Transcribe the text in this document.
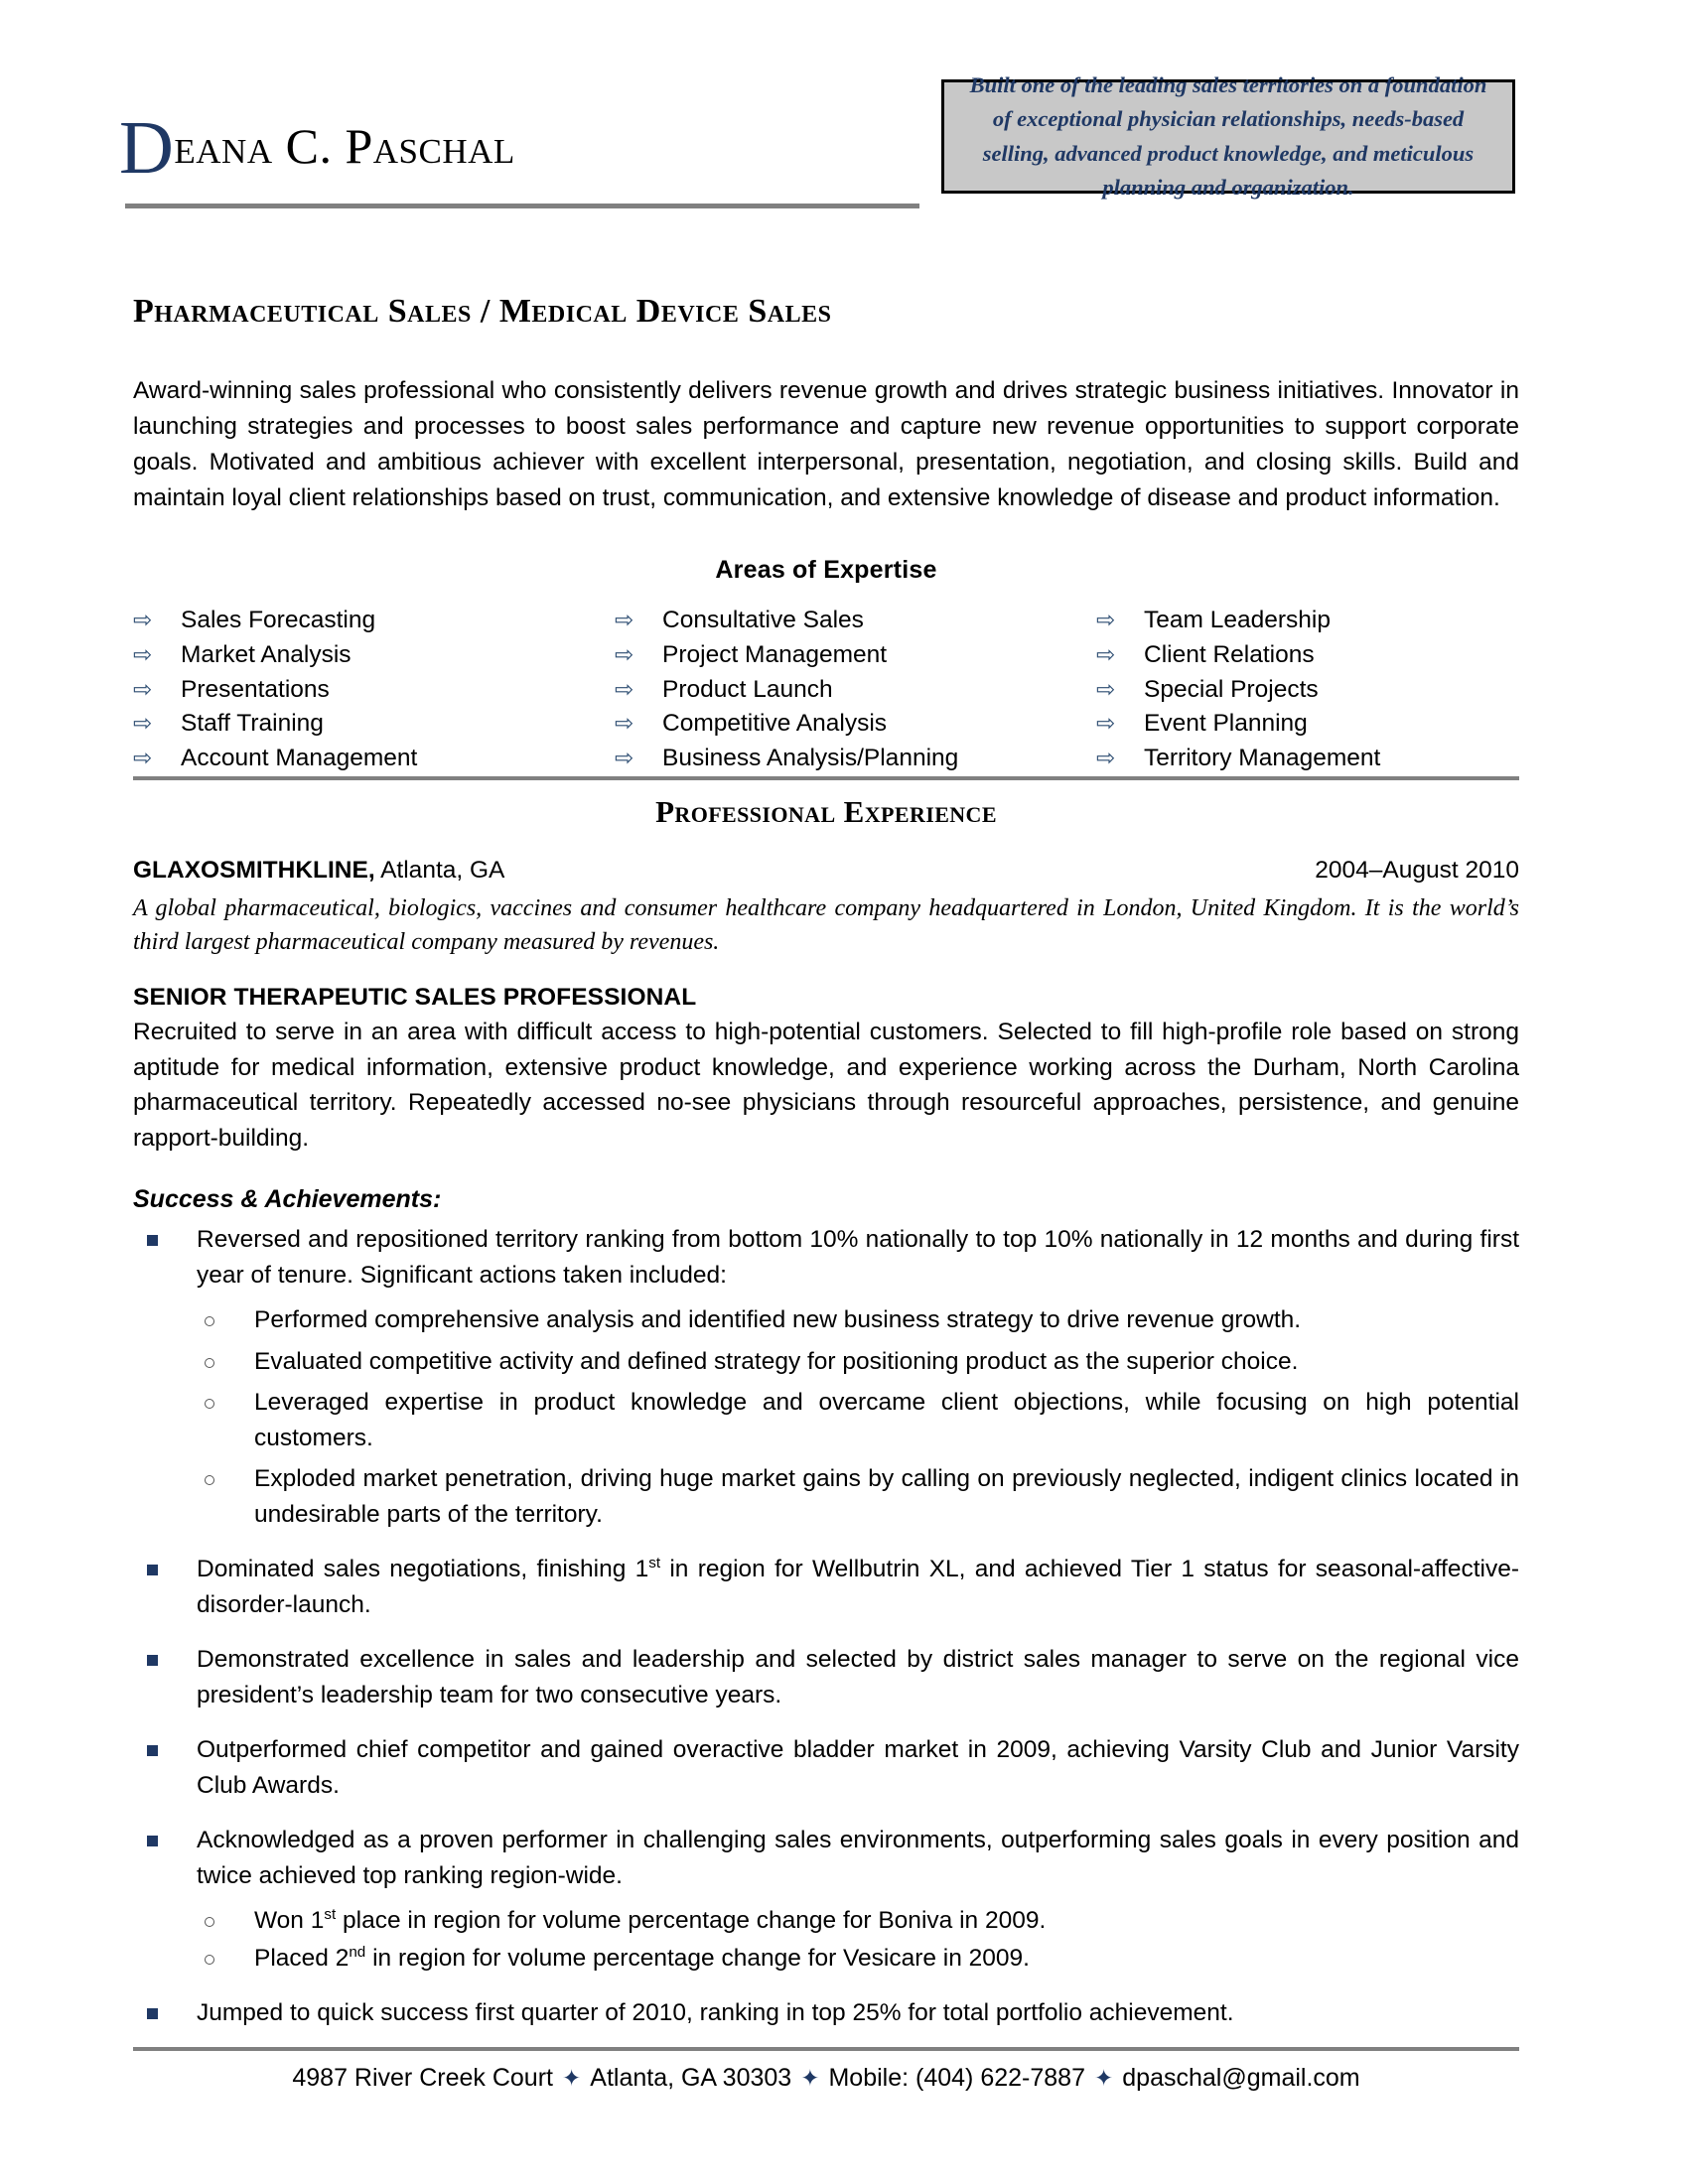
Deana C. Paschal
Built one of the leading sales territories on a foundation of exceptional physician relationships, needs-based selling, advanced product knowledge, and meticulous planning and organization.
Pharmaceutical Sales / Medical Device Sales
Award-winning sales professional who consistently delivers revenue growth and drives strategic business initiatives. Innovator in launching strategies and processes to boost sales performance and capture new revenue opportunities to support corporate goals. Motivated and ambitious achiever with excellent interpersonal, presentation, negotiation, and closing skills. Build and maintain loyal client relationships based on trust, communication, and extensive knowledge of disease and product information.
Areas of Expertise
⇨	Sales Forecasting	⇨	Consultative Sales	⇨	Team Leadership
⇨	Market Analysis	⇨	Project Management	⇨	Client Relations
⇨	Presentations	⇨	Product Launch	⇨	Special Projects
⇨	Staff Training	⇨	Competitive Analysis	⇨	Event Planning
⇨	Account Management	⇨	Business Analysis/Planning	⇨	Territory Management
Professional Experience
GLAXOSMITHKLINE, Atlanta, GA	2004–August 2010
A global pharmaceutical, biologics, vaccines and consumer healthcare company headquartered in London, United Kingdom. It is the world’s third largest pharmaceutical company measured by revenues.
SENIOR THERAPEUTIC SALES PROFESSIONAL
Recruited to serve in an area with difficult access to high-potential customers. Selected to fill high-profile role based on strong aptitude for medical information, extensive product knowledge, and experience working across the Durham, North Carolina pharmaceutical territory. Repeatedly accessed no-see physicians through resourceful approaches, persistence, and genuine rapport-building.
Success & Achievements:
Reversed and repositioned territory ranking from bottom 10% nationally to top 10% nationally in 12 months and during first year of tenure. Significant actions taken included:
Performed comprehensive analysis and identified new business strategy to drive revenue growth.
Evaluated competitive activity and defined strategy for positioning product as the superior choice.
Leveraged expertise in product knowledge and overcame client objections, while focusing on high potential customers.
Exploded market penetration, driving huge market gains by calling on previously neglected, indigent clinics located in undesirable parts of the territory.
Dominated sales negotiations, finishing 1st in region for Wellbutrin XL, and achieved Tier 1 status for seasonal-affective-disorder-launch.
Demonstrated excellence in sales and leadership and selected by district sales manager to serve on the regional vice president’s leadership team for two consecutive years.
Outperformed chief competitor and gained overactive bladder market in 2009, achieving Varsity Club and Junior Varsity Club Awards.
Acknowledged as a proven performer in challenging sales environments, outperforming sales goals in every position and twice achieved top ranking region-wide.
Won 1st place in region for volume percentage change for Boniva in 2009.
Placed 2nd in region for volume percentage change for Vesicare in 2009.
Jumped to quick success first quarter of 2010, ranking in top 25% for total portfolio achievement.
4987 River Creek Court ✦ Atlanta, GA 30303 ✦ Mobile: (404) 622-7887 ✦ dpaschal@gmail.com
